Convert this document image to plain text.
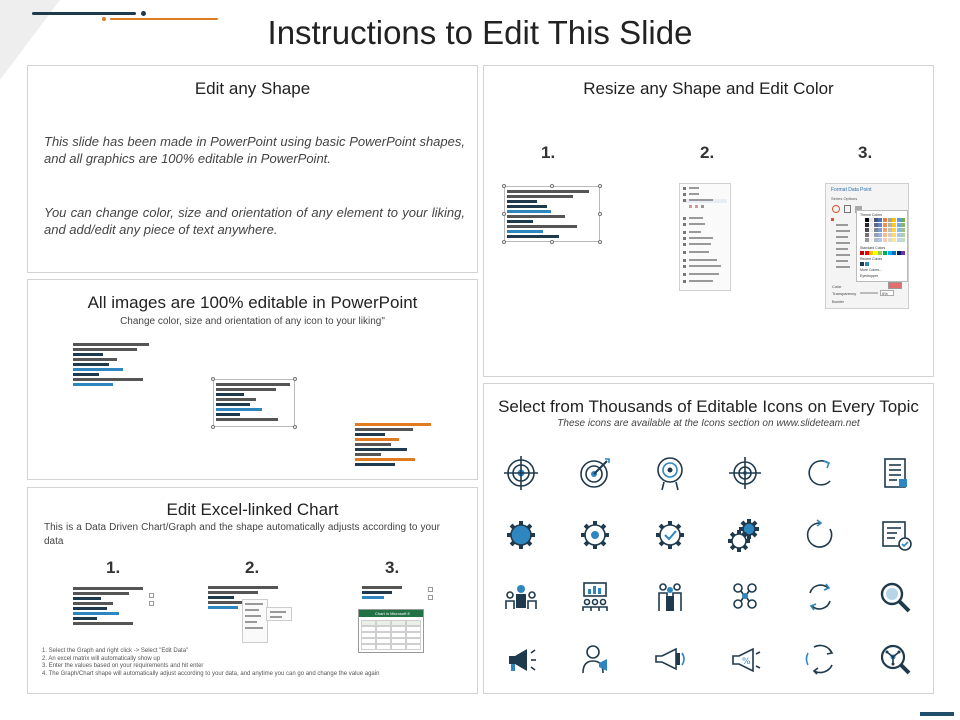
Instructions to Edit This Slide
Edit any Shape
This slide has been made in PowerPoint using basic PowerPoint shapes, and all graphics are 100% editable in PowerPoint.
You can change color, size and orientation of any element to your liking, and add/edit any piece of text anywhere.
Resize any Shape and Edit Color
1.	2.	3.
Format Data Point
Series Options
Theme Colors
Standard Colors
Recent Colors
More Colors...
Eyedropper
Color
Transparency	0%
Border
All images are 100% editable in PowerPoint
Change color, size and orientation of any icon to your liking"
Select from Thousands of Editable Icons on Every Topic
These icons are available at the Icons section on www.slideteam.net
%
Edit Excel-linked Chart
This is a Data Driven Chart/Graph and the shape automatically adjusts according to your data
1.	2.	3.
Chart in Microsoft E
1. Select the Graph and right click -> Select "Edit Data"
2. An excel matrix will automatically show up
3. Enter the values based on your requirements and hit enter
4. The Graph/Chart shape will automatically adjust according to your data, and anytime you can go and change the value again
